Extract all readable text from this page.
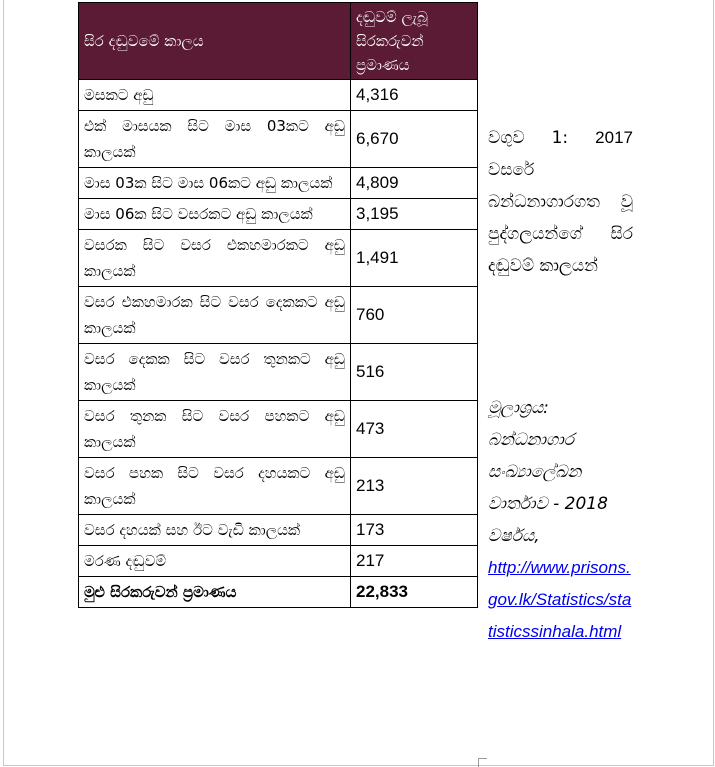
සිර දඬුවමේ කාලය	දඬුවම් ලැබූ සිරකරුවන් ප්‍රමාණය
මසකට අඩු	4,316
එක් මාසයක සිට මාස 03කට අඩු කාලයක්	6,670
මාස 03ක සිට මාස 06කට අඩු කාලයක්	4,809
මාස 06ක සිට වසරකට අඩු කාලයක්	3,195
වසරක සිට වසර එකහමාරකට අඩු කාලයක්	1,491
වසර එකහමාරක සිට වසර දෙකකට අඩු කාලයක්	760
වසර දෙකක සිට වසර තුනකට අඩු කාලයක්	516
වසර තුනක සිට වසර පහකට අඩු කාලයක්	473
වසර පහක සිට වසර දහයකට අඩු කාලයක්	213
වසර දහයක් සහ ඊට වැඩි කාලයක්	173
මරණ දඬුවම්	217
මුළු සිරකරුවන් ප්‍රමාණය	22,833
වගුව 1: 2017 වසරේ බන්ධනාගාරගත වූ පුද්ගලයන්ගේ සිර දඬුවම් කාලයන්
මූලාශ්‍රය:
බන්ධනාගාර සංඛ්‍යාලේඛන වාර්තාව - 2018 වර්ෂය,
http://www.prisons.gov.lk/Statistics/statisticssinhala.html
